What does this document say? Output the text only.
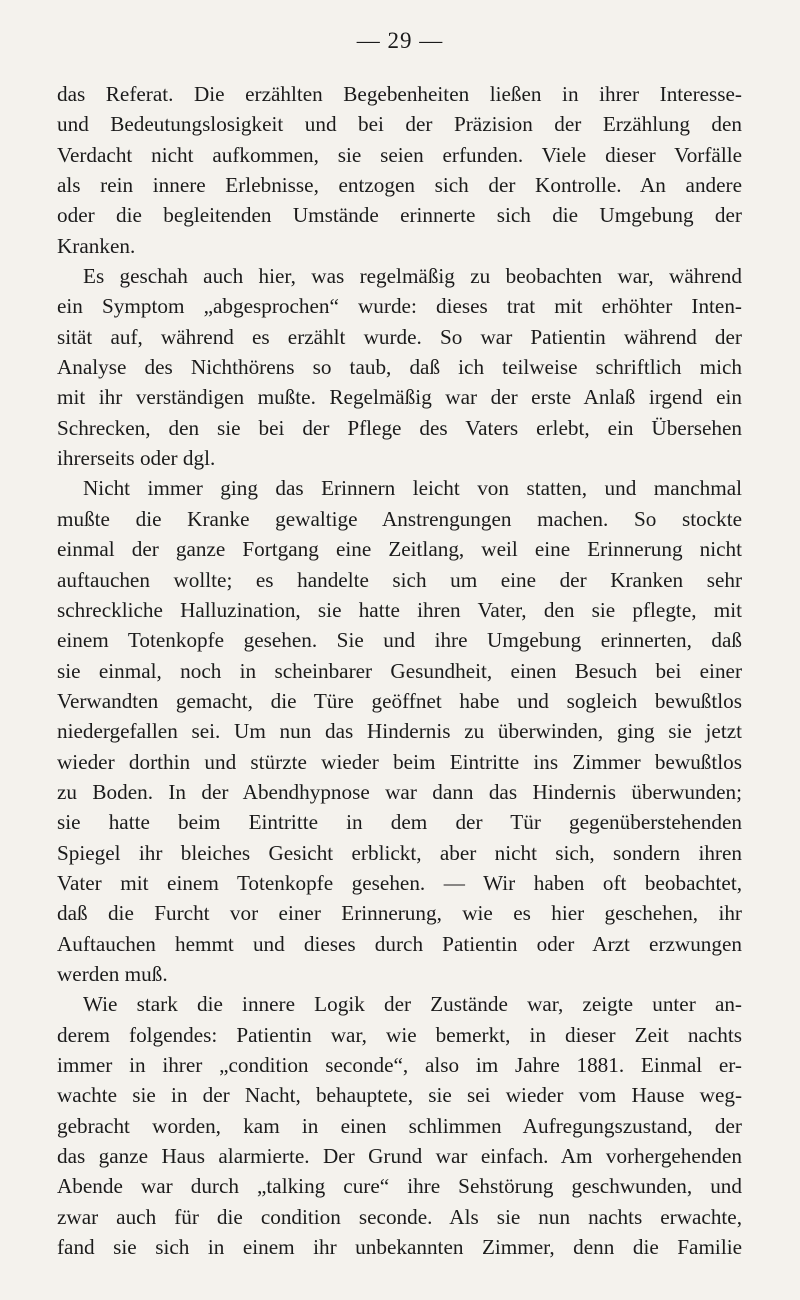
— 29 —
das Referat. Die erzählten Begebenheiten ließen in ihrer Interesse-
und Bedeutungslosigkeit und bei der Präzision der Erzählung den
Verdacht nicht aufkommen, sie seien erfunden. Viele dieser Vorfälle
als rein innere Erlebnisse, entzogen sich der Kontrolle. An andere
oder die begleitenden Umstände erinnerte sich die Umgebung der
Kranken.
Es geschah auch hier, was regelmäßig zu beobachten war, während
ein Symptom „abgesprochen“ wurde: dieses trat mit erhöhter Inten-
sität auf, während es erzählt wurde. So war Patientin während der
Analyse des Nichthörens so taub, daß ich teilweise schriftlich mich
mit ihr verständigen mußte. Regelmäßig war der erste Anlaß irgend ein
Schrecken, den sie bei der Pflege des Vaters erlebt, ein Übersehen
ihrerseits oder dgl.
Nicht immer ging das Erinnern leicht von statten, und manchmal
mußte die Kranke gewaltige Anstrengungen machen. So stockte
einmal der ganze Fortgang eine Zeitlang, weil eine Erinnerung nicht
auftauchen wollte; es handelte sich um eine der Kranken sehr
schreckliche Halluzination, sie hatte ihren Vater, den sie pflegte, mit
einem Totenkopfe gesehen. Sie und ihre Umgebung erinnerten, daß
sie einmal, noch in scheinbarer Gesundheit, einen Besuch bei einer
Verwandten gemacht, die Türe geöffnet habe und sogleich bewußtlos
niedergefallen sei. Um nun das Hindernis zu überwinden, ging sie jetzt
wieder dorthin und stürzte wieder beim Eintritte ins Zimmer bewußtlos
zu Boden. In der Abendhypnose war dann das Hindernis überwunden;
sie hatte beim Eintritte in dem der Tür gegenüberstehenden
Spiegel ihr bleiches Gesicht erblickt, aber nicht sich, sondern ihren
Vater mit einem Totenkopfe gesehen. — Wir haben oft beobachtet,
daß die Furcht vor einer Erinnerung, wie es hier geschehen, ihr
Auftauchen hemmt und dieses durch Patientin oder Arzt erzwungen
werden muß.
Wie stark die innere Logik der Zustände war, zeigte unter an-
derem folgendes: Patientin war, wie bemerkt, in dieser Zeit nachts
immer in ihrer „condition seconde“, also im Jahre 1881. Einmal er-
wachte sie in der Nacht, behauptete, sie sei wieder vom Hause weg-
gebracht worden, kam in einen schlimmen Aufregungszustand, der
das ganze Haus alarmierte. Der Grund war einfach. Am vorhergehenden
Abende war durch „talking cure“ ihre Sehstörung geschwunden, und
zwar auch für die condition seconde. Als sie nun nachts erwachte,
fand sie sich in einem ihr unbekannten Zimmer, denn die Familie
